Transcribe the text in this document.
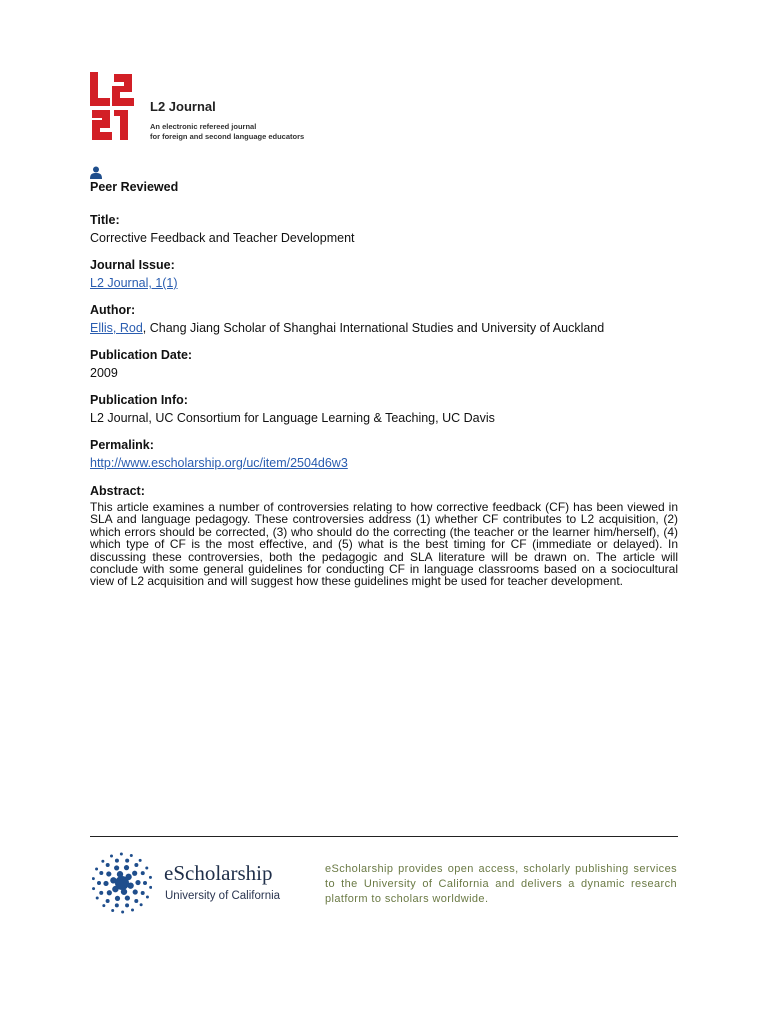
L2 Journal
An electronic refereed journal
for foreign and second language educators
Peer Reviewed
Title:
Corrective Feedback and Teacher Development
Journal Issue:
L2 Journal, 1(1)
Author:
Ellis, Rod, Chang Jiang Scholar of Shanghai International Studies and University of Auckland
Publication Date:
2009
Publication Info:
L2 Journal, UC Consortium for Language Learning & Teaching, UC Davis
Permalink:
http://www.escholarship.org/uc/item/2504d6w3
Abstract:
This article examines a number of controversies relating to how corrective feedback (CF) has been viewed in SLA and language pedagogy. These controversies address (1) whether CF contributes to L2 acquisition, (2) which errors should be corrected, (3) who should do the correcting (the teacher or the learner him/herself), (4) which type of CF is the most effective, and (5) what is the best timing for CF (immediate or delayed). In discussing these controversies, both the pedagogic and SLA literature will be drawn on. The article will conclude with some general guidelines for conducting CF in language classrooms based on a sociocultural view of L2 acquisition and will suggest how these guidelines might be used for teacher development.
eScholarship
University of California
eScholarship provides open access, scholarly publishing services to the University of California and delivers a dynamic research platform to scholars worldwide.
